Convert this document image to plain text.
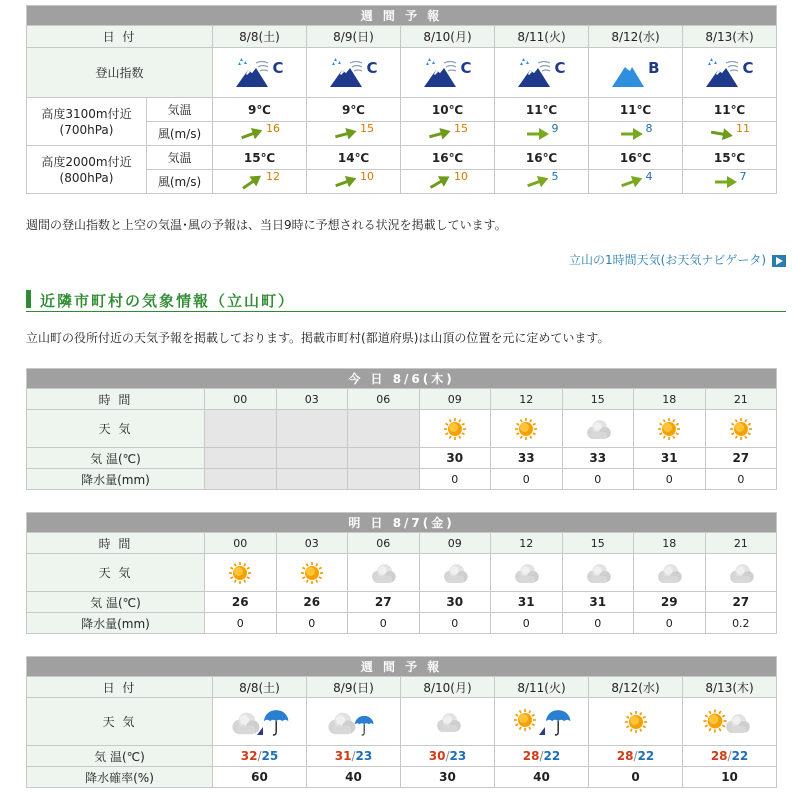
週 間 予 報							
日 付		8/8(土)	8/9(日)	8/10(月)	8/11(火)	8/12(水)	8/13(木)
登山指数		C	C	C	C	B	C

高度3100m付近
(700hPa)	気温	9℃	9℃	10℃	11℃	11℃	11℃
	風(m/s)	16	15	15	9	8	11
高度2000m付近
(800hPa)	気温	15℃	14℃	16℃	16℃	16℃	15℃
	風(m/s)	12	10	10	5	4	7

週間の登山指数と上空の気温･風の予報は、当日9時に予想される状況を掲載しています。

立山の1時間天気(お天気ナビゲータ)
近隣市町村の気象情報（立山町）

立山町の役所付近の天気予報を掲載しております。掲載市町村(都道府県)は山頂の位置を元に定めています。

今 日 8/6(木)								
時 間	00	03	06	09	12	15	18	21
天 気								
気 温(℃)				30	33	33	31	27
降水量(mm)				0	0	0	0	0
明 日 8/7(金)								
時 間	00	03	06	09	12	15	18	21
天 気								
気 温(℃)	26	26	27	30	31	31	29	27
降水量(mm)	0	0	0	0	0	0	0	0.2
週 間 予 報						
日 付	8/8(土)	8/9(日)	8/10(月)	8/11(火)	8/12(水)	8/13(木)
天 気						
気 温(℃)	32/25	31/23	30/23	28/22	28/22	28/22
降水確率(%)	60	40	30	40	0	10
